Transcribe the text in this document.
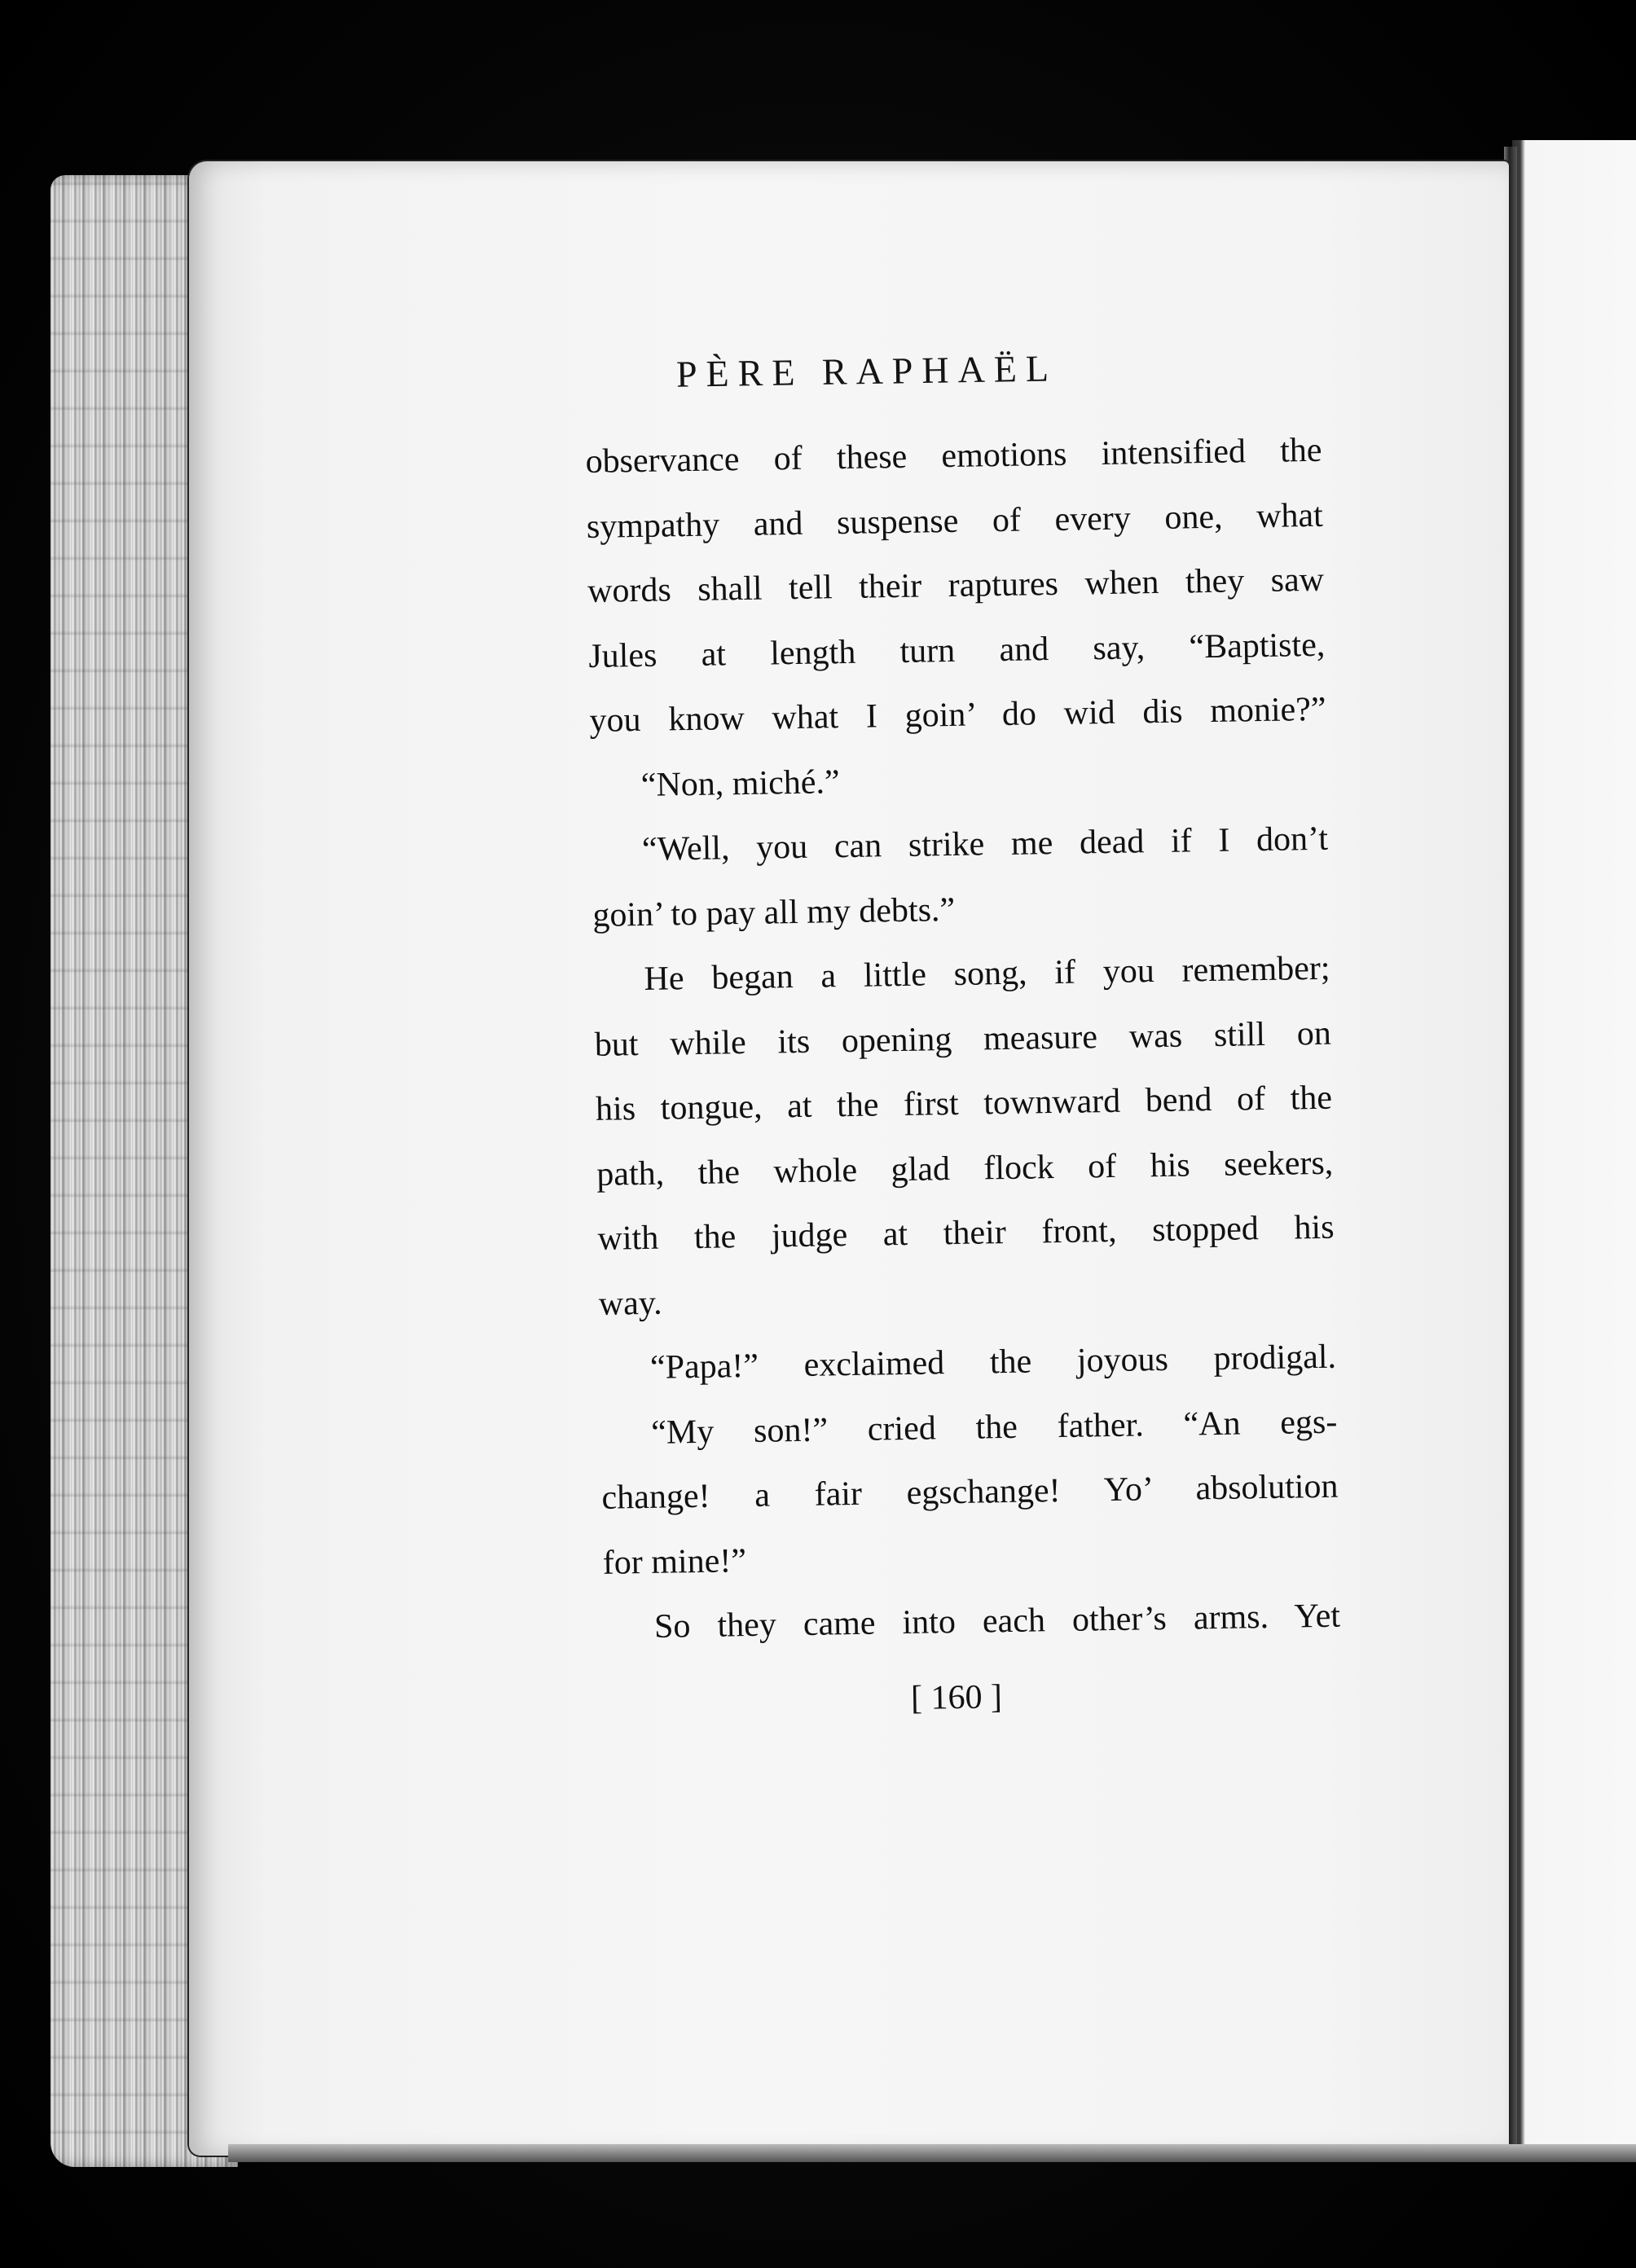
PÈRE RAPHAËL
observance of these emotions intensified the
sympathy and suspense of every one, what
words shall tell their raptures when they saw
Jules at length turn and say, “Baptiste,
you know what I goin’ do wid dis monie?”
“Non, miché.”
“Well, you can strike me dead if I don’t
goin’ to pay all my debts.”
He began a little song, if you remember;
but while its opening measure was still on
his tongue, at the first townward bend of the
path, the whole glad flock of his seekers,
with the judge at their front, stopped his
way.
“Papa!” exclaimed the joyous prodigal.
“My son!” cried the father. “An egs-
change! a fair egschange! Yo’ absolution
for mine!”
So they came into each other’s arms. Yet
[ 160 ]
